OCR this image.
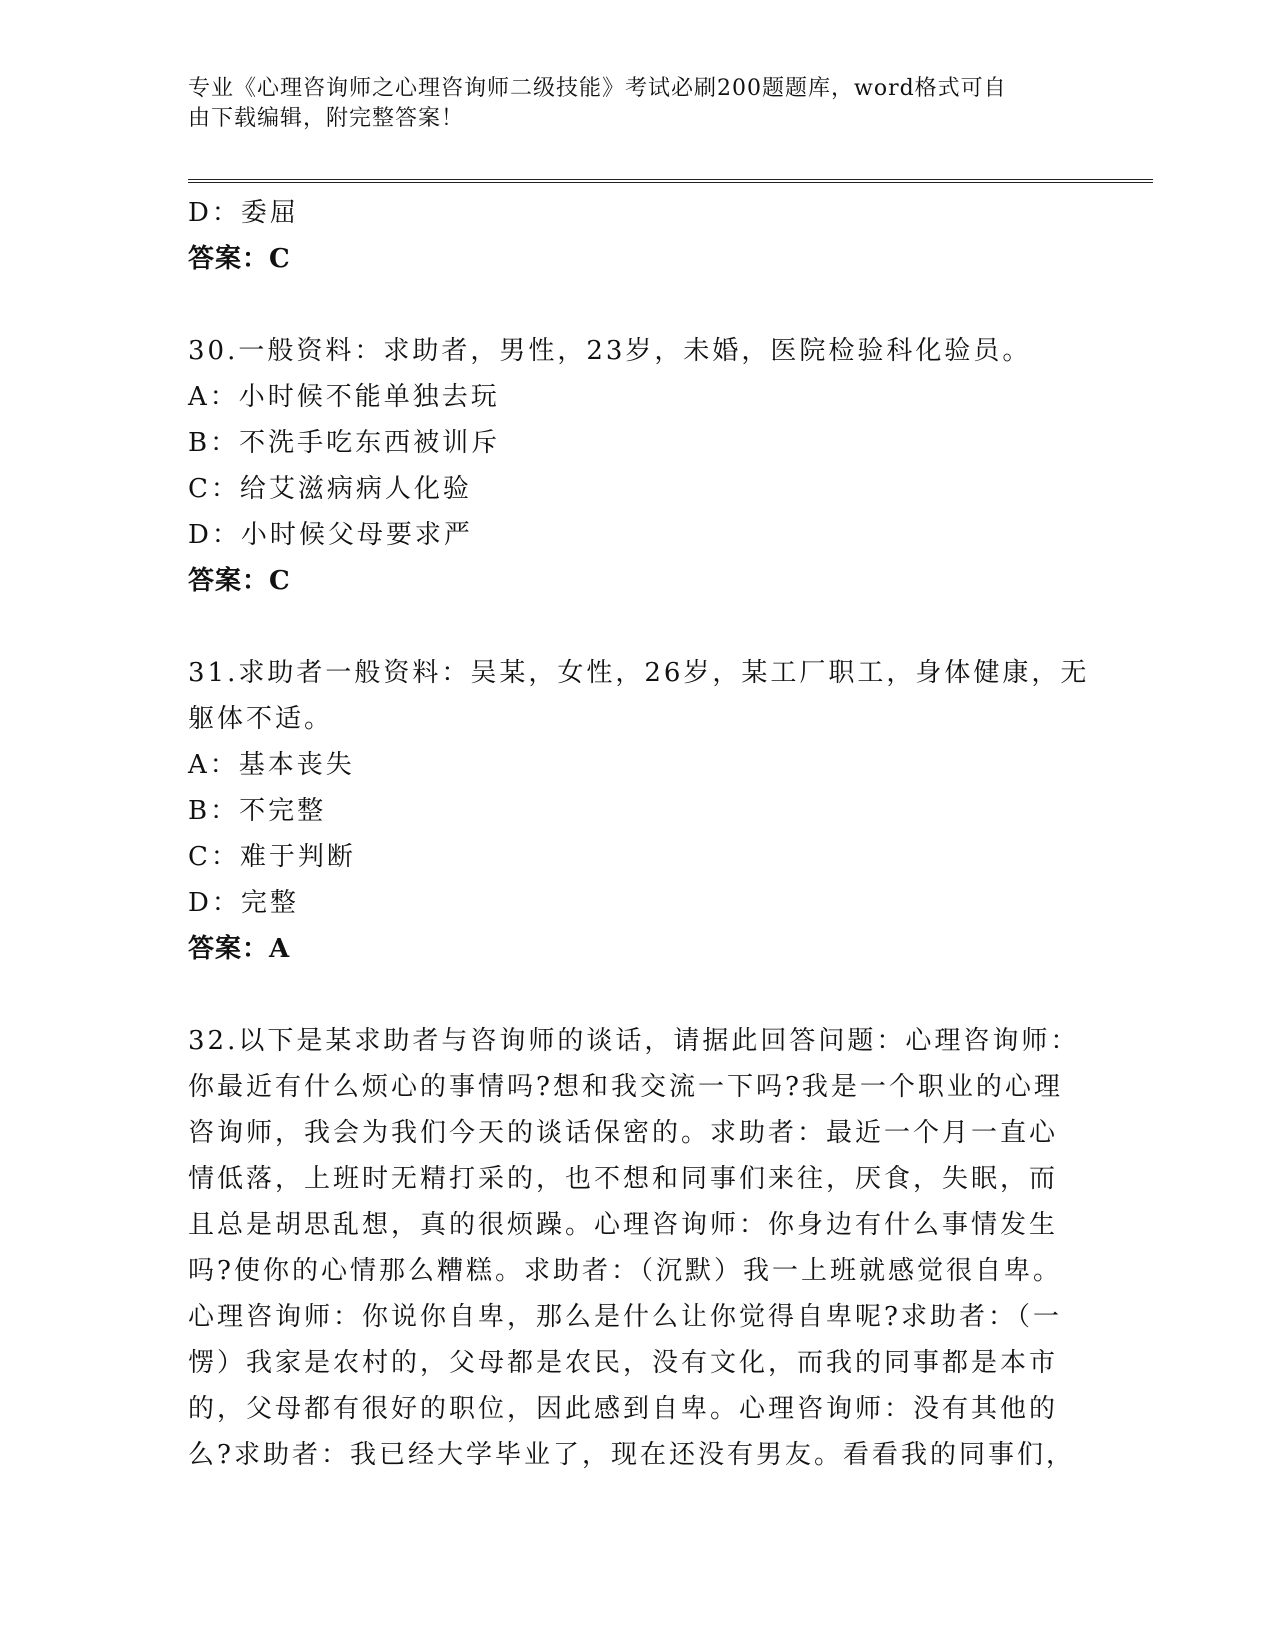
专业《心理咨询师之心理咨询师二级技能》考试必刷200题题库，word格式可自
由下载编辑，附完整答案！
D：委屈
答案：C
30.一般资料：求助者，男性，23岁，未婚，医院检验科化验员。
A：小时候不能单独去玩
B：不洗手吃东西被训斥
C：给艾滋病病人化验
D：小时候父母要求严
答案：C
31.求助者一般资料：吴某，女性，26岁，某工厂职工，身体健康，无
躯体不适。
A：基本丧失
B：不完整
C：难于判断
D：完整
答案：A
32.以下是某求助者与咨询师的谈话，请据此回答问题：心理咨询师：
你最近有什么烦心的事情吗?想和我交流一下吗?我是一个职业的心理
咨询师，我会为我们今天的谈话保密的。求助者：最近一个月一直心
情低落，上班时无精打采的，也不想和同事们来往，厌食，失眠，而
且总是胡思乱想，真的很烦躁。心理咨询师：你身边有什么事情发生
吗?使你的心情那么糟糕。求助者：（沉默）我一上班就感觉很自卑。
心理咨询师：你说你自卑，那么是什么让你觉得自卑呢?求助者：（一
愣）我家是农村的，父母都是农民，没有文化，而我的同事都是本市
的，父母都有很好的职位，因此感到自卑。心理咨询师：没有其他的
么?求助者：我已经大学毕业了，现在还没有男友。看看我的同事们，
